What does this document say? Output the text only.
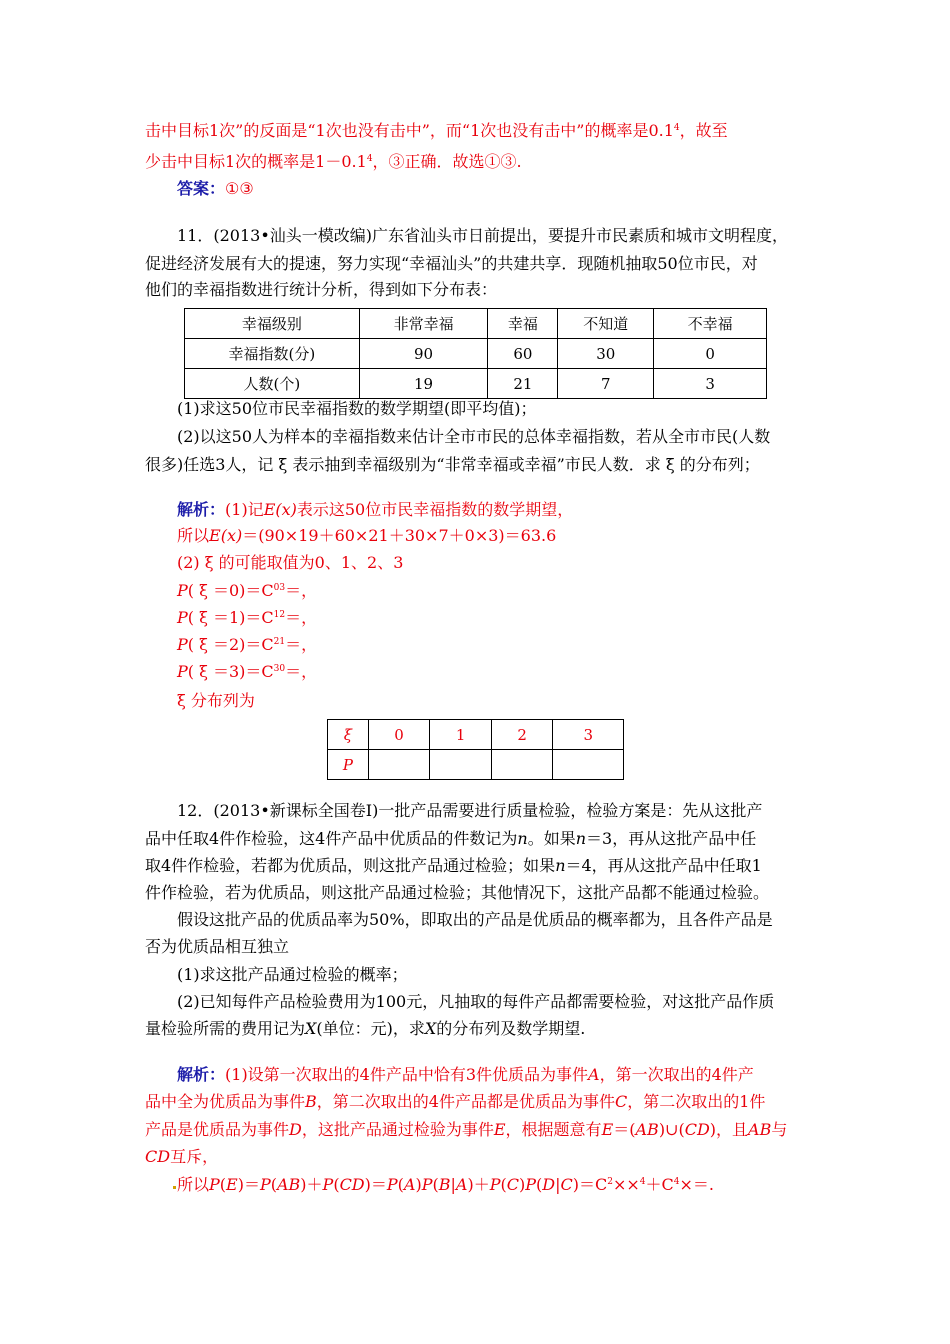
击中目标1次”的反面是“1次也没有击中”，而“1次也没有击中”的概率是$0.1^4$，故至
少击中目标1次的概率是$1-0.1^4$，③正确．故选①③.
答案：①③
11．(2013•汕头一模改编)广东省汕头市日前提出，要提升市民素质和城市文明程度，
促进经济发展有大的提速，努力实现“幸福汕头”的共建共享．现随机抽取50位市民，对
他们的幸福指数进行统计分析，得到如下分布表：
幸福级别	非常幸福	幸福	不知道	不幸福
幸福指数(分)	90	60	30	0
人数(个)	19	21	7	3
(1)求这50位市民幸福指数的数学期望(即平均值)；
(2)以这50人为样本的幸福指数来估计全市市民的总体幸福指数，若从全市市民(人数
很多)任选3人，记 ξ 表示抽到幸福级别为“非常幸福或幸福”市民人数．求 ξ 的分布列；
解析：(1)记E(x)表示这50位市民幸福指数的数学期望，
所以E(x)＝(90×19＋60×21＋30×7＋0×3)＝63.6
(2) ξ 的可能取值为0、1、2、3
P( $\xi =0)=C^{03}=$，
P( $\xi =1)=C^{12}=$，
P( $\xi =2)=C^{21}=$，
P( $\xi =3)=C^{30}=$，
ξ 分布列为
ξ	0	1	2	3
P				
12．(2013•新课标全国卷Ⅰ)一批产品需要进行质量检验，检验方案是：先从这批产
品中任取4件作检验，这4件产品中优质品的件数记为n。如果n＝3，再从这批产品中任
取4件作检验，若都为优质品，则这批产品通过检验；如果n＝4，再从这批产品中任取1
件作检验，若为优质品，则这批产品通过检验；其他情况下，这批产品都不能通过检验。
假设这批产品的优质品率为50%，即取出的产品是优质品的概率都为，且各件产品是
否为优质品相互独立
(1)求这批产品通过检验的概率；
(2)已知每件产品检验费用为100元，凡抽取的每件产品都需要检验，对这批产品作质
量检验所需的费用记为X(单位：元)，求X的分布列及数学期望.
解析：(1)设第一次取出的4件产品中恰有3件优质品为事件A，第一次取出的4件产
品中全为优质品为事件B，第二次取出的4件产品都是优质品为事件C，第二次取出的1件
产品是优质品为事件D，这批产品通过检验为事件E，根据题意有E＝(AB)∪(CD)，且AB与
CD互斥，
所以$P(E)=P(AB)+P(CD)=P(A)P(B|A)+P(C)P(D|C)=C^2\times\times^4+C^4\times=$.
